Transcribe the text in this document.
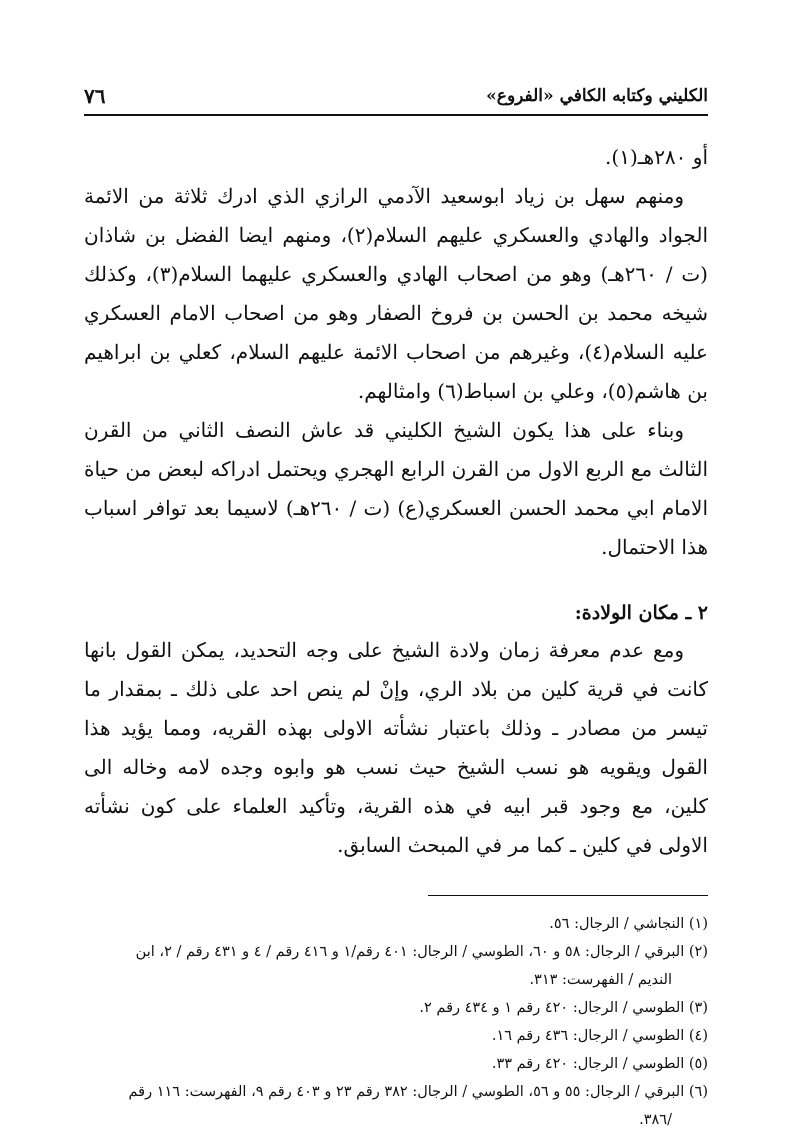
الكليني وكتابه الكافي «الفروع»
٧٦

أو ٢٨٠هـ(١).

ومنهم سهل بن زياد ابوسعيد الآدمي الرازي الذي ادرك ثلاثة من الائمة الجواد والهادي والعسكري عليهم السلام(٢)، ومنهم ايضا الفضل بن شاذان (ت / ٢٦٠هـ) وهو من اصحاب الهادي والعسكري عليهما السلام(٣)، وكذلك شيخه محمد بن الحسن بن فروخ الصفار وهو من اصحاب الامام العسكري عليه السلام(٤)، وغيرهم من اصحاب الائمة عليهم السلام، كعلي بن ابراهيم بن هاشم(٥)، وعلي بن اسباط(٦) وامثالهم.

وبناء على هذا يكون الشيخ الكليني قد عاش النصف الثاني من القرن الثالث مع الربع الاول من القرن الرابع الهجري ويحتمل ادراكه لبعض من حياة الامام ابي محمد الحسن العسكري(ع) (ت / ٢٦٠هـ) لاسيما بعد توافر اسباب هذا الاحتمال.

٢ ـ مكان الولادة:

ومع عدم معرفة زمان ولادة الشيخ على وجه التحديد، يمكن القول بانها كانت في قرية كلين من بلاد الري، وإنْ لم ينص احد على ذلك ـ بمقدار ما تيسر من مصادر ـ وذلك باعتبار نشأته الاولى بهذه القريه، ومما يؤيد هذا القول ويقويه هو نسب الشيخ حيث نسب هو وابوه وجده لامه وخاله الى كلين، مع وجود قبر ابيه في هذه القرية، وتأكيد العلماء على كون نشأته الاولى في كلين ـ كما مر في المبحث السابق.

(١) النجاشي / الرجال: ٥٦.

(٢) البرقي / الرجال: ٥٨ و ٦٠، الطوسي / الرجال: ٤٠١ رقم/١ و ٤١٦ رقم / ٤ و ٤٣١ رقم / ٢، ابن

النديم / الفهرست: ٣١٣.

(٣) الطوسي / الرجال: ٤٢٠ رقم ١ و ٤٣٤ رقم ٢.

(٤) الطوسي / الرجال: ٤٣٦ رقم ١٦.

(٥) الطوسي / الرجال: ٤٢٠ رقم ٣٣.

(٦) البرقي / الرجال: ٥٥ و ٥٦، الطوسي / الرجال: ٣٨٢ رقم ٢٣ و ٤٠٣ رقم ٩، الفهرست: ١١٦ رقم

/٣٨٦.
